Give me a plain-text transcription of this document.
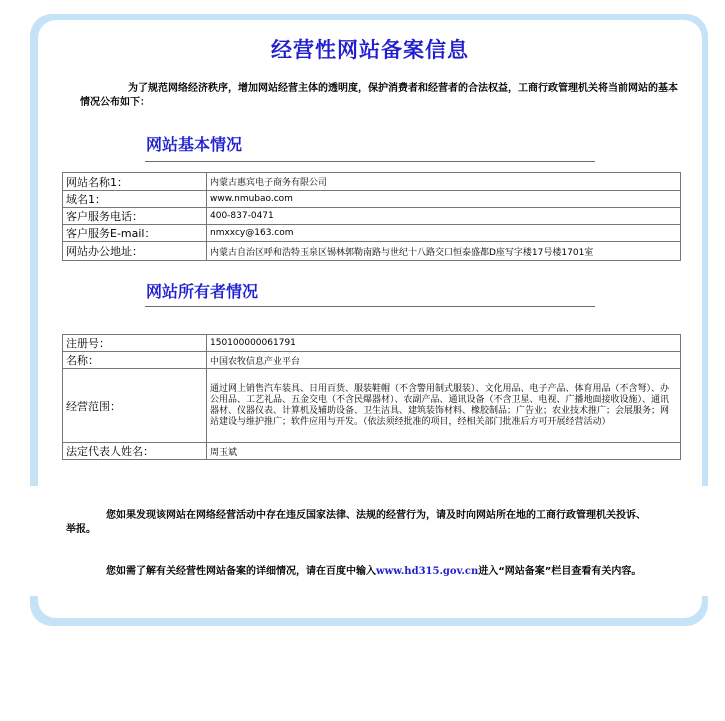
经营性网站备案信息
为了规范网络经济秩序，增加网站经营主体的透明度，保护消费者和经营者的合法权益，工商行政管理机关将当前网站的基本情况公布如下：
网站基本情况
网站名称1：	内蒙古惠宾电子商务有限公司
域名1：	www.nmubao.com
客户服务电话：	400-837-0471
客户服务E-mail：	nmxxcy@163.com
网站办公地址：	内蒙古自治区呼和浩特玉泉区锡林郭勒南路与世纪十八路交口恒泰盛都D座写字楼17号楼1701室
网站所有者情况
注册号：	150100000061791
名称：	中国农牧信息产业平台
经营范围：	通过网上销售汽车装具、日用百货、服装鞋帽（不含警用制式服装）、文化用品、电子产品、体育用品（不含弩）、办公用品、工艺礼品、五金交电（不含民爆器材）、农副产品、通讯设备（不含卫星、电视、广播地面接收设施）、通讯器材、仪器仪表、计算机及辅助设备、卫生洁具、建筑装饰材料、橡胶制品；广告业；农业技术推广；会展服务；网站建设与维护推广；软件应用与开发。（依法须经批准的项目，经相关部门批准后方可开展经营活动）
法定代表人姓名：	周玉斌
您如果发现该网站在网络经营活动中存在违反国家法律、法规的经营行为，请及时向网站所在地的工商行政管理机关投诉、举报。
您如需了解有关经营性网站备案的详细情况，请在百度中输入www.hd315.gov.cn进入“网站备案”栏目查看有关内容。
